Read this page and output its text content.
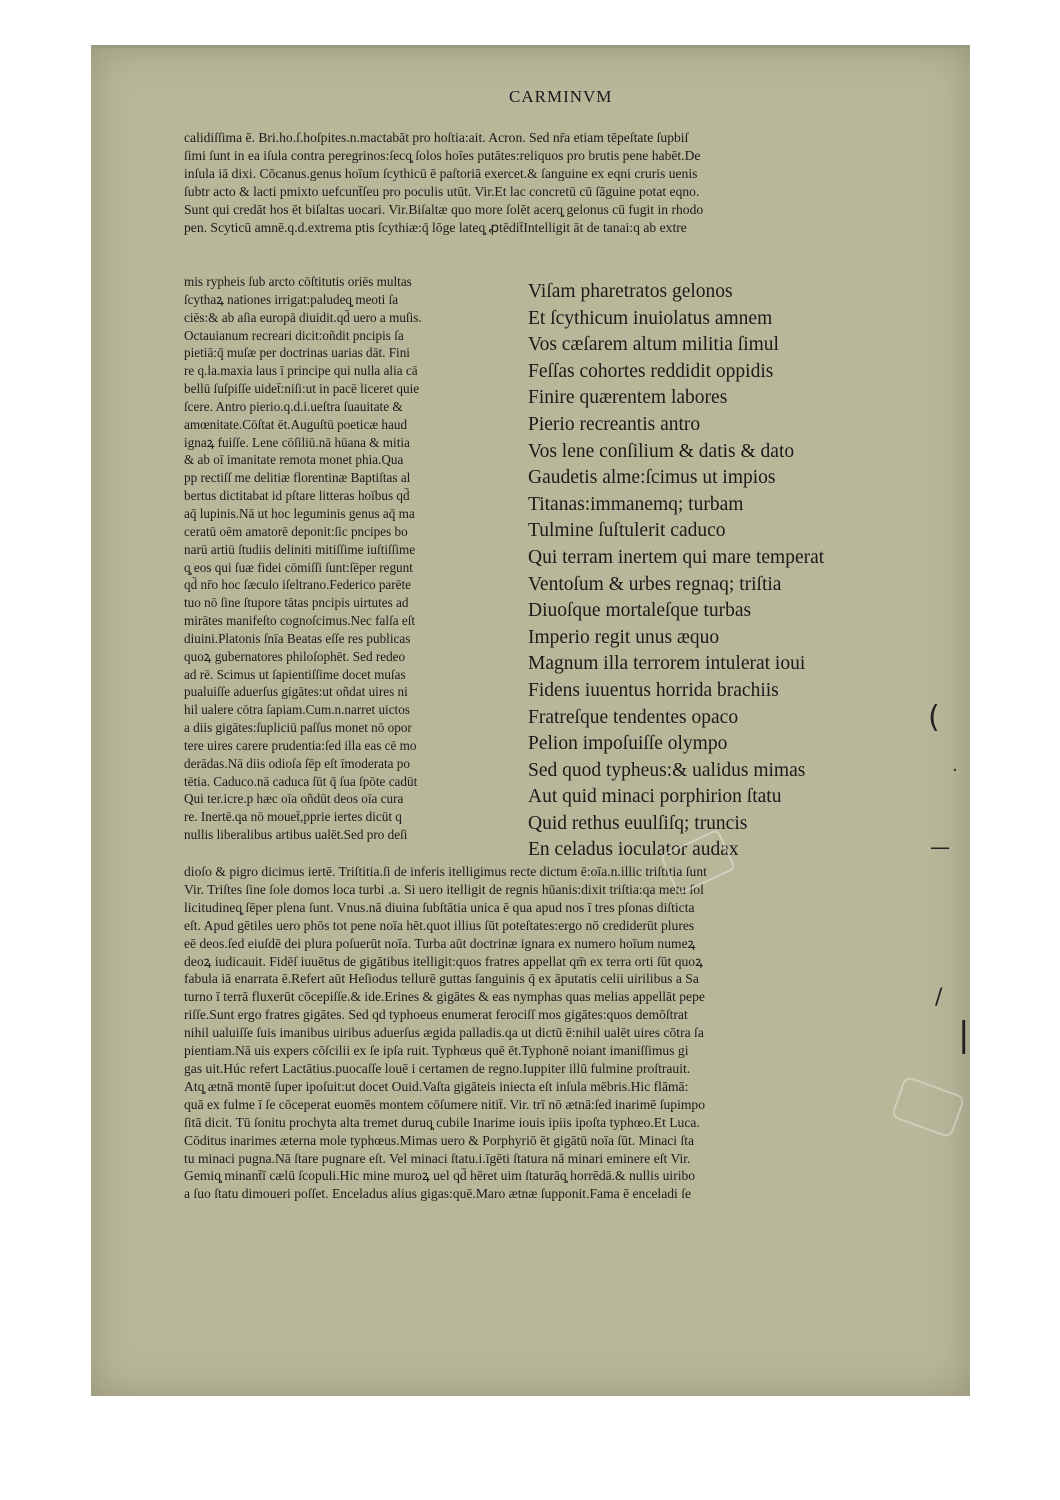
CARMINVM
calidiſſima ē. Bri.ho.ſ.hoſpites.n.mactabāt pro hoſtia:ait. Acron. Sed nr̄a etiam tēpeſtate ſupbiſ
ſimi ſunt in ea iſula contra peregrinos:ſecq̧ ſolos hoīes putātes:reliquos pro brutis pene habēt.De
inſula iā dixi. Cōcanus.genus hoīum ſcythicū ē paſtoriā exercet.& ſanguine ex eqni cruris uenis
ſubtr acto & lacti pmixto uefcunt̄ſeu pro poculis utūt. Vir.Et lac concretū cū ſāguine potat eqno.
Sunt qui credāt hos ēt biſaltas uocari. Vir.Biſaltæ quo more ſolēt acerq̧ gelonus cū fugit in rhodo
pen. Scyticū amnē.q.d.extrema ptis ſcythiæ:q̄ lōge lateq̧ ꝓtēdit̄Intelligit āt de tanai:q ab extre
mis rypheis ſub arcto cōſtitutis oriēs multas
ſcythaꝝ nationes irrigat:paludeq̧ meoti ſa
ciēs:& ab aſia europā diuidit.qd̄ uero a muſis.
Octauianum recreari dicit:oñdit pncipis ſa
pietiā:q̄ muſæ per doctrinas uarias dāt. Fini
re q.la.maxia laus ī principe qui nulla alia cā
bellū ſuſpiſſe uidet̄:niſi:ut in pacē liceret quie
ſcere. Antro pierio.q.d.i.ueſtra ſuauitate &
amœnitate.Cōſtat ēt.Auguſtū poeticæ haud
ignaꝝ fuiſſe. Lene cōſiliū.nā hūana & mitia
& ab oī imanitate remota monet phia.Qua
pp rectiſſ me delitiæ florentinæ Baptiſtas al
bertus dictitabat id pſtare litteras hoībus qd̄
aq̄ lupinis.Nā ut hoc leguminis genus aq̄ ma
ceratū oēm amatorē deponit:ſic pncipes bo
narū artiū ſtudiis deliniti mitiſſime iuſtiſſime
q̧ eos qui ſuæ fidei cōmiſſi ſunt:ſēper regunt
qd̄ nr̄o hoc ſæculo iſeltrano.Federico parēte
tuo nō ſine ſtupore tātas pncipis uirtutes ad
mirātes manifeſto cognoſcimus.Nec falſa eſt
diuini.Platonis ſnīa Beatas eſſe res publicas
quoꝝ gubernatores philoſophēt. Sed redeo
ad rē. Scimus ut ſapientiſſime docet muſas
pualuiſſe aduerſus gigātes:ut oñdat uires ni
hil ualere cōtra ſapiam.Cum.n.narret uictos
a diis gigātes:ſupliciū paſſus monet nō opor
tere uires carere prudentia:ſed illa eas cē mo
derādas.Nā diis odioſa ſēp eſt īmoderata po
tētia. Caduco.nā caduca ſūt q̄ ſua ſpōte cadūt
Qui ter.icre.p hæc oīa oñdūt deos oīa cura
re. Inertē.qa nō mouet̄,pprie iertes dicūt q
nullis liberalibus artibus ualēt.Sed pro deſi
Viſam pharetratos gelonos
Et ſcythicum inuiolatus amnem
Vos cæſarem altum militia ſimul
Feſſas cohortes reddidit oppidis
Finire quærentem labores
Pierio recreantis antro
Vos lene conſilium & datis & dato
Gaudetis alme:ſcimus ut impios
Titanas:immanemq; turbam
Tulmine ſuſtulerit caduco
Qui terram inertem qui mare temperat
Ventoſum & urbes regnaq; triſtia
Diuoſque mortaleſque turbas
Imperio regit unus æquo
Magnum illa terrorem intulerat ioui
Fidens iuuentus horrida brachiis
Fratreſque tendentes opaco
Pelion impoſuiſſe olympo
Sed quod typheus:& ualidus mimas
Aut quid minaci porphirion ſtatu
Quid rethus euulſiſq; truncis
En celadus ioculator audax
dioſo & pigro dicimus iertē. Triſtitia.ſi de inferis itelligimus recte dictum ē:oīa.n.illic triſtitia ſunt
Vir. Triſtes ſine ſole domos loca turbi .a. Si uero itelligit de regnis hūanis:dixit triſtia:qa metu ſol
licitudineq̧ ſēper plena ſunt. Vnus.nā diuina ſubſtātia unica ē qua apud nos ī tres pſonas diſticta
eſt. Apud gētiles uero phōs tot pene noīa hēt.quot illius ſūt poteſtates:ergo nō crediderūt plures
eē deos.ſed eiuſdē dei plura poſuerūt noīa. Turba aūt doctrinæ ignara ex numero hoīum numeꝝ
deoꝝ iudicauit. Fidēſ iuuētus de gigātibus itelligit:quos fratres appellat qm̄ ex terra orti ſūt quoꝝ
fabula iā enarrata ē.Refert aūt Heſiodus tellurē guttas ſanguinis q̄ ex āputatis celii uirilibus a Sa
turno ī terrā fluxerūt cōcepiſſe.& ide.Erines & gigātes & eas nymphas quas melias appellāt pepe
riſſe.Sunt ergo fratres gigātes. Sed qd typhoeus enumerat ferociſſ mos gigātes:quos demōſtrat
nihil ualuiſſe ſuis imanibus uiribus aduerſus ægida palladis.qa ut dictū ē:nihil ualēt uires cōtra ſa
pientiam.Nā uis expers cōſcilii ex ſe ipſa ruit. Typhœus quē ēt.Typhonē noiant imaniſſimus gi
gas uit.Húc refert Lactātius.puocaſſe louē i certamen de regno.Iuppiter illū fulmine proſtrauit.
Atq̧ ætnā montē ſuper ipoſuit:ut docet Ouid.Vaſta gigāteis iniecta eſt inſula mēbris.Hic flāmā:
quā ex fulme ī ſe cōceperat euomēs montem cōſumere nitit̄. Vir. trī nō ætnā:ſed inarimē ſupimpo
ſitā dicit. Tū ſonitu prochyta alta tremet duruq̧ cubile Inarime iouis ipiis ipoſta typhœo.Et Luca.
Cōditus inarimes æterna mole typhœus.Mimas uero & Porphyriō ēt gigātū noīa ſūt. Minaci ſta
tu minaci pugna.Nā ſtare pugnare eſt. Vel minaci ſtatu.i.īgēti ſtatura nā minari eminere eſt Vir.
Gemiq̧ minant̄ī cælū ſcopuli.Hic mine muroꝝ uel qd̄ hēret uim ſtaturāq̧ horrēdā.& nullis uiribo
a ſuo ſtatu dimoueri poſſet. Enceladus alius gigas:quē.Maro ætnæ ſupponit.Fama ē enceladi ſe
(
·
—
/
|
